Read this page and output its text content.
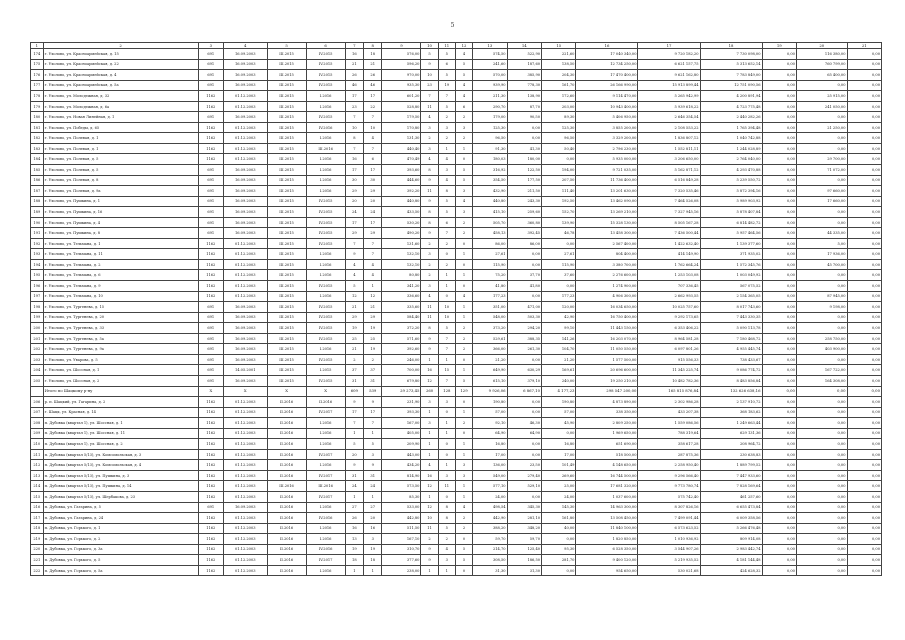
5
1	2	3	4	5	6	7	8	9	10	11	12	13	14	15	16	17	18	19	20	21
174	г. Ухолово, ул. Красноармейская, д. 15	691	16.09.2003	III.2015	IV.2015	16	18	576,00	5	5	4	574,50	522,90	221,60	17 040 340,00	9 720 182,20	7 730 098,00	0,00	116 380,00	0,00
175	г. Ухолово, ул. Красноармейская, д. 22	691	16.09.2003	III.2015	IV.2015	21	21	596,20	9	6	5	241,60	187,60	138,50	12 734 250,00	6 621 157,75	5 313 652,14	0,00	760 799,00	0,00
176	г. Ухолово, ул. Красноармейская, д. 4	691	16.09.2003	III.2015	IV.2015	26	26	970,00	10	5	5	570,00	385,90	204,30	17 470 400,00	9 621 162,80	7 783 849,00	0,00	65 400,00	0,00
177	г. Ухолово, ул. Красноармейская, д. 5а	691	16.09.2003	III.2015	IV.2015	46	46	935,30	23	19	4	939,90	778,30	161,70	26 166 990,00	15 913 899,44	12 751 090,56	0,00	0,00	0,00
178	г. Ухолово, ул. Молодежная, д. 32	1162	01.12.2003	III.2015	I.2016	17	17	601,20	7	7	4	211,30	138,90	172,60	9 114 470,00	5 265 942,99	4 200 891,94	0,00	25 915,00	0,00
179	г. Ухолово, ул. Молодежная, д. 6а	1162	01.12.2003	III.2015	I.2016	23	22	528,80	11	5	6	290,70	87,70	203,00	10 943 400,00	5 939 618,22	4 723 775,48	0,00	241 050,00	0,00
180	г. Ухолово, ул. Новая Линейная, д. 1	691	16.09.2003	III.2015	IV.2015	7	7	179,50	4	2	2	179,00	90,50	89,30	5 406 950,00	2 646 354,54	2 440 282,26	0,00	0,00	0,00
181	г. Ухолово, ул. Победы, д. 65	1162	01.12.2003	III.2015	IV.2016	10	10	170,80	3	3	3	125,30	0,00	125,30	3 855 200,00	2 108 553,22	1 765 394,48	0,00	21 250,00	0,00
182	г. Ухолово, ул. Полевая, д. 1	1162	01.12.2003	III.2015	I.2016	8	4	131,30	2	2	2	96,50	0,00	96,50	3 329 200,00	1 836 807,12	1 040 742,88	0,00	0,00	0,00
183	г. Ухолово, ул. Полевая, д. 1	1162	01.12.2003	III.2015	III.2016	7	7	440,40	3	1	1	91,30	41,30	50,40	2 796 230,00	1 552 811,11	1 244 028,89	0,00	0,00	0,00
184	г. Ухолово, ул. Полевая, д. 5	1162	01.12.2003	III.2015	I.2016	16	6	470,49	4	4	0	180,03	180,00	0,00	5 935 000,00	3 206 650,00	2 764 040,00	0,00	29 700,00	0,00
185	г. Ухолово, ул. Полевая, д. 5	691	16.09.2003	III.2015	I.2016	17	17	393,60	8	3	5	316,92	122,50	194,00	9 721 035,00	5 162 871,12	4 293 470,88	0,00	71 072,00	0,00
186	г. Ухолово, ул. Полевая, д. 8	691	16.09.2003	III.2015	I.2016	30	30	444,60	9	4	5	354,50	177,50	207,50	11 736 400,00	6 516 849,28	5 239 550,72	0,00	0,00	0,00
187	г. Ухолово, ул. Полевая, д. 9а	691	16.09.2003	III.2015	I.2016	29	29	392,20	11	8	3	432,90	211,50	111,40	13 201 630,00	7 320 535,46	5 872 394,16	0,00	97 660,00	0,00
188	г. Ухолово, ул. Пушкина, д. 1	691	16.09.2003	III.2015	IV.2015	20	20	440,80	9	5	4	440,80	243,30	192,50	13 462 090,00	7 464 526,08	5 989 903,92	0,00	17 660,00	0,00
189	г. Ухолово, ул. Пушкина, д. 16	691	16.09.2003	III.2015	IV.2015	24	24	433,50	8	5	3	415,10	259,60	152,70	13 269 210,00	7 327 945,16	5 878 407,84	0,00	0,00	0,00
190	г. Ухолово, ул. Пушкина, д. 4	691	16.09.2003	III.2015	IV.2015	17	17	530,20	8	6	2	505,70	360,80	139,90	15 328 130,00	8 505 167,28	6 814 482,72	0,00	0,00	0,00
191	г. Ухолово, ул. Пушкина, д. 8	691	16.09.2003	III.2015	IV.2015	29	29	490,20	9	7	2	458,13	392,45	46,78	13 458 300,00	7 436 500,44	5 957 464,56	0,00	44 335,00	0,00
192	г. Ухолово, ул. Тельмана, д. 1	1162	01.12.2003	III.2015	IV.2015	7	7	131,60	2	2	0	86,00	86,00	0,00	2 567 400,00	1 422 632,40	1 139 377,60	0,00	5,00	0,00
193	г. Ухолово, ул. Тельмана, д. 11	1162	01.12.2003	III.2015	I.2016	9	7	132,10	3	0	1	27,61	0,00	27,61	804 400,00	414 149,90	371 935,02	0,00	17 936,00	0,00
194	г. Ухолово, ул. Тельмана, д. 2	1162	01.12.2003	III.2015	I.2016	4	4	132,10	2	2	0	115,90	0,00	115,90	3 380 700,00	1 762 664,24	1 572 345,76	0,00	45 700,00	0,00
195	г. Ухолово, ул. Тельмана, д. 6	1162	01.12.2003	III.2015	I.2016	4	4	80,80	2	1	1	75,20	37,70	37,60	2 276 600,00	1 253 103,08	1 003 049,92	0,00	0,00	0,00
196	г. Ухолово, ул. Тельмана, д. 9	1162	01.12.2003	III.2015	IV.2015	5	1	341,20	3	1	0	41,80	41,80	0,00	1 274 900,00	707 336,45	567 075,52	0,00	0,00	0,00
197	г. Ухолово, ул. Тельмана, д. 10	1162	01.12.2003	III.2015	I.2016	12	12	336,60	4	0	4	177,23	0,00	177,23	4 906 300,00	2 662 993,55	2 154 365,05	0,00	87 945,00	0,00
198	г. Ухолово, ул. Тургенева, д. 15	691	16.09.2003	III.2015	IV.2015	21	21	335,60	11	10	1	351,00	471,00	120,00	16 034 650,00	10 025 757,60	8 017 743,60	0,00	9 198,00	0,00
199	г. Ухолово, ул. Тургенева, д. 20	691	16.09.2003	III.2015	IV.2015	29	29	584,40	11	10	1	548,00	503,30	42,90	16 750 400,00	9 292 173,65	7 443 330,35	0,00	0,00	0,00
200	г. Ухолово, ул. Тургенева, д. 33	691	16.09.2003	III.2015	IV.2015	19	19	372,20	8	5	2	373,20	294,20	99,10	11 443 150,00	6 353 406,22	5 090 113,78	0,00	0,00	0,00
201	г. Ухолово, ул. Тургенева, д. 5а	691	16.09.2003	III.2015	IV.2015	25	25	571,60	9	7	2	529,61	388,35	141,26	16 203 070,00	8 964 581,28	7 180 468,72	0,00	258 750,00	0,00
202	г. Ухолово, ул. Тургенева, д. 9а	691	16.09.2003	III.2015	I.2016	21	19	392,60	9	7	2	366,00	261,30	104,70	11 050 550,00	6 097 801,26	4 955 445,74	0,00	403 900,00	0,00
203	г. Ухолово, ул. Уварова, д. 5	691	16.09.2003	III.2015	IV.2015	2	2	246,00	1	1	0	21,20	0,00	21,20	1 577 500,00	915 556,33	738 433,67	0,00	0,00	0,00
204	г. Ухолово, ул. Шоссная, д. 1	691	14.05.2001	III.2015	I.2015	37	37	700,00	16	15	1	649,90	630,29	169,61	20 696 600,00	11 345 225,74	9 086 774,72	0,00	167 722,00	0,00
205	г. Ухолово, ул. Шоссная, д. 2	691	16.09.2003	III.2015	IV.2015	31	31	679,80	12	7	5	615,10	379,10	240,00	19 250 210,00	10 482 782,36	8 483 856,84	0,00	164 308,00	0,00
	Итого по Шацкому р-ну	X	Х	X	X	609	539	29 273,45	260	128	129	9 926,06	6 867,10	4 177,23	298 547 200,00	165 815 876,84	132 626 638,16	0,00	0,00	0,00
206	р. п. Шацкий, ул. Гагарина, д. 2	1162	01.12.2003	II.2016	II.2016	9	9	231,90	3	3	0	190,80	0,00	190,80	4 873 890,00	2 302 986,28	2 137 910,72	0,00	0,00	0,00
207	г. Шацк, ул. Красная, д. 14	1162	01.12.2003	II.2016	IV.2017	17	17	393,30	1	0	1	57,00	0,00	57,00	338 350,00	433 207,38	368 183,62	0,00	0,00	0,00
208	п. Дубовка (квартал 1), ул. Шоссная, д. 1	1162	01.12.2003	II.2016	I.2016	7	7	167,00	3	1	2	92,10	46,30	45,90	2 809 250,00	1 559 086,56	1 249 663,44	0,00	0,00	0,00
209	п. Дубовка (квартал 1), ул. Шоссная, д. 11	1162	01.12.2003	II.2016	I.2016	1	1	405,00	1	1	0	64,90	64,90	0,00	1 969 650,00	788 319,64	629 131,36	0,00	0,00	0,00
210	п. Дубовка (квартал 1), ул. Шоссная, д. 2	1162	01.12.2003	II.2016	I.2016	5	5	209,90	1	0	1	16,80	0,00	16,80	651 690,00	358 617,28	208 964,72	0,00	0,00	0,00
211	п. Дубовка (квартал 5/13), ул. Комсомольская, д. 3	1162	01.12.2003	II.2016	IV.2017	20	3	443,00	1	0	1	17,00	0,00	17,00	518 500,00	287 875,36	230 638,83	0,00	0,00	0,00
212	п. Дубовка (квартал 5/13), ул. Комсомольская, д. 4	1162	01.12.2003	II.2016	I.2016	9	9	434,20	4	1	3	136,00	23,50	101,49	4 148 650,00	2 258 950,40	1 889 799,52	0,00	0,00	0,00
213	п. Дубовка (квартал 5/13), ул. Пушкина, д. 3	1162	01.12.2003	II.2016	IV.2017	31	31	814,90	16	3	3	549,00	279,40	269,60	16 744 500,00	9 296 566,40	7 447 933,60	0,00	0,00	0,00
214	п. Дубовка (квартал 5/13), ул. Пушкина, д. 14	1162	01.12.2003	III.2016	III.2016	24	24	573,50	12	11	1	577,10	529,10	25,00	17 681 320,00	9 773 780,74	7 828 169,64	0,00	0,00	0,00
215	п. Дубовка (квартал 5/13), ул. Шербакова, д. 23	1162	01.12.2003	II.2016	IV.2017	1	1	85,30	1	0	1	24,00	0,00	24,00	1 037 600,00	575 742,40	461 257,60	0,00	0,00	0,00
216	п. Дубовка, ул. Гагарина, д. 5	691	16.09.2003	II.2016	I.2016	27	27	533,00	12	8	4	498,54	345,30	145,30	14 963 300,00	8 307 826,16	6 655 473,84	0,00	0,00	0,00
217	п. Дубовка, ул. Гагарина, д. 24	1162	01.12.2003	II.2016	IV.2016	26	20	442,80	10	8	2	442,90	281,10	161,80	13 508 450,00	7 499 091,44	6 009 358,56	0,00	0,00	0,00
218	п. Дубовка, ул. Горького, д. 1	1162	01.12.2003	II.2016	I.2016	16	16	511,50	11	5	2	388,20	348,20	40,00	11 840 100,00	6 573 623,52	5 266 476,48	0,00	0,00	0,00
219	п. Дубовка, ул. Горького, д. 2	1162	01.12.2003	II.2016	I.2016	13	3	167,10	2	2	0	59,70	59,70	0,00	1 820 850,00	1 010 936,92	809 914,08	0,00	0,00	0,00
220	п. Дубовка, ул. Горького, д. 3а	1162	01.12.2003	II.2016	IV.2016	19	19	310,70	9	4	5	214,70	125,40	95,30	6 528 350,00	3 544 907,26	2 983 442,74	0,00	0,00	0,00
221	п. Дубовка, ул. Горького, д. 5	1162	01.12.2003	II.2016	IV.2017	18	18	377,60	9	3	5	308,50	186,50	281,70	9 400 120,00	5 219 935,52	4 181 144,48	0,00	0,00	0,00
222	п. Дубовка, ул. Горького, д. 5а	1162	01.12.2003	II.2016	I.2016	1	1	238,00	1	1	0	31,30	31,30	0,00	954 650,00	530 021,68	424 628,32	0,00	0,00	0,00
